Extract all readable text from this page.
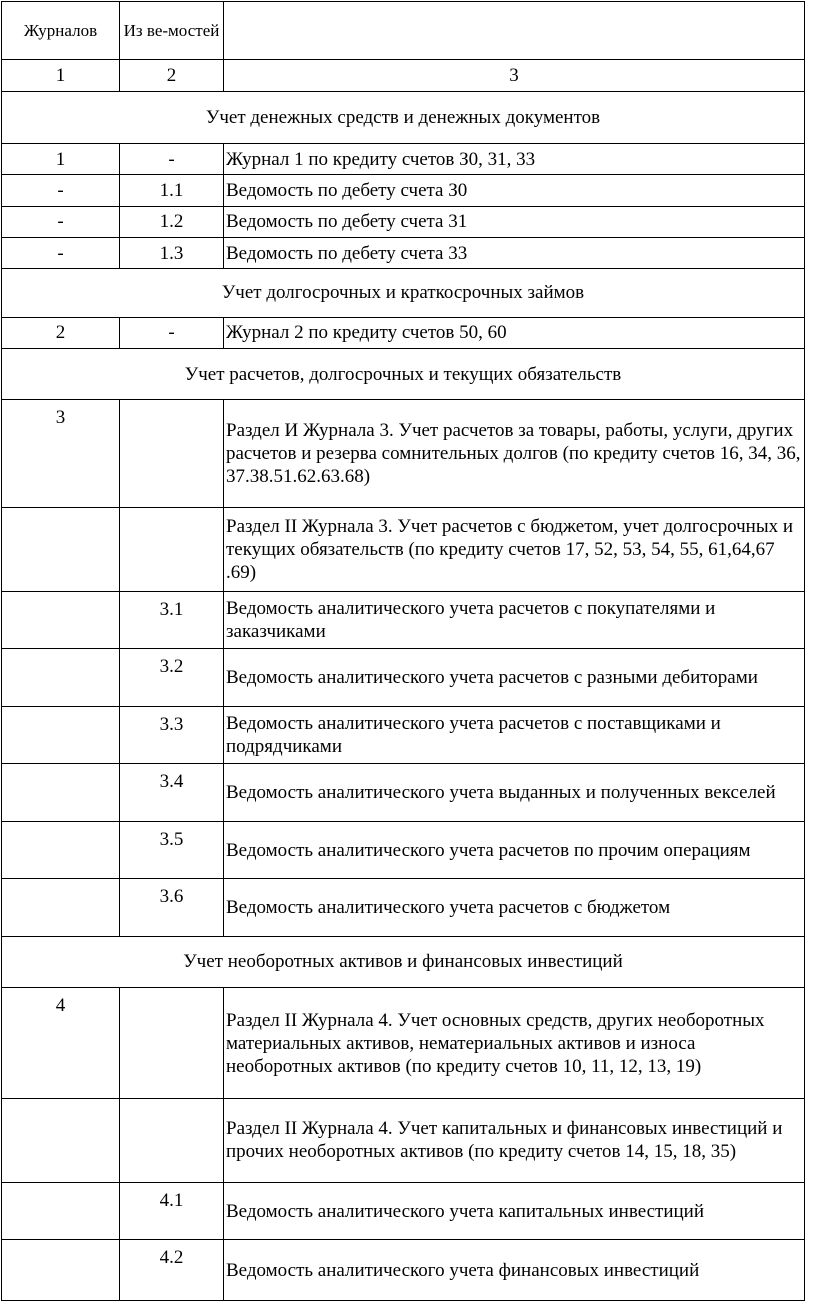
Журналов	Из ве-мостей	
1	2	3
Учет денежных средств и денежных документов		
1	-	Журнал 1 по кредиту счетов З0, 31, 33
-	1.1	Ведомость по дебету счета З0
-	1.2	Ведомость по дебету счета 31
-	1.3	Ведомость по дебету счета 33
Учет долгосрочных и краткосрочных займов		
2	-	Журнал 2 по кредиту счетов 50, 60
Учет расчетов, долгосрочных и текущих обязательств		
3		Раздел И Журнала 3. Учет расчетов за товары, работы, услуги, других расчетов и резерва сомнительных долгов (по кредиту счетов 16, 34, 36, 37.38.51.62.63.68)
		Раздел II Журнала 3. Учет расчетов с бюджетом, учет долгосрочных и текущих обязательств (по кредиту счетов 17, 52, 53, 54, 55, 61,64,67 .69)
	3.1	Ведомость аналитического учета расчетов с покупателями и заказчиками
	3.2	Ведомость аналитического учета расчетов с разными дебиторами
	3.3	Ведомость аналитического учета расчетов с поставщиками и подрядчиками
	3.4	Ведомость аналитического учета выданных и полученных векселей
	3.5	Ведомость аналитического учета расчетов по прочим операциям
	3.6	Ведомость аналитического учета расчетов с бюджетом
Учет необоротных активов и финансовых инвестиций		
4		Раздел II Журнала 4. Учет основных средств, других необоротных материальных активов, нематериальных активов и износа необоротных активов (по кредиту счетов 10, 11, 12, 13, 19)
		Раздел II Журнала 4. Учет капитальных и финансовых инвестиций и прочих необоротных активов (по кредиту счетов 14, 15, 18, 35)
	4.1	Ведомость аналитического учета капитальных инвестиций
	4.2	Ведомость аналитического учета финансовых инвестиций
